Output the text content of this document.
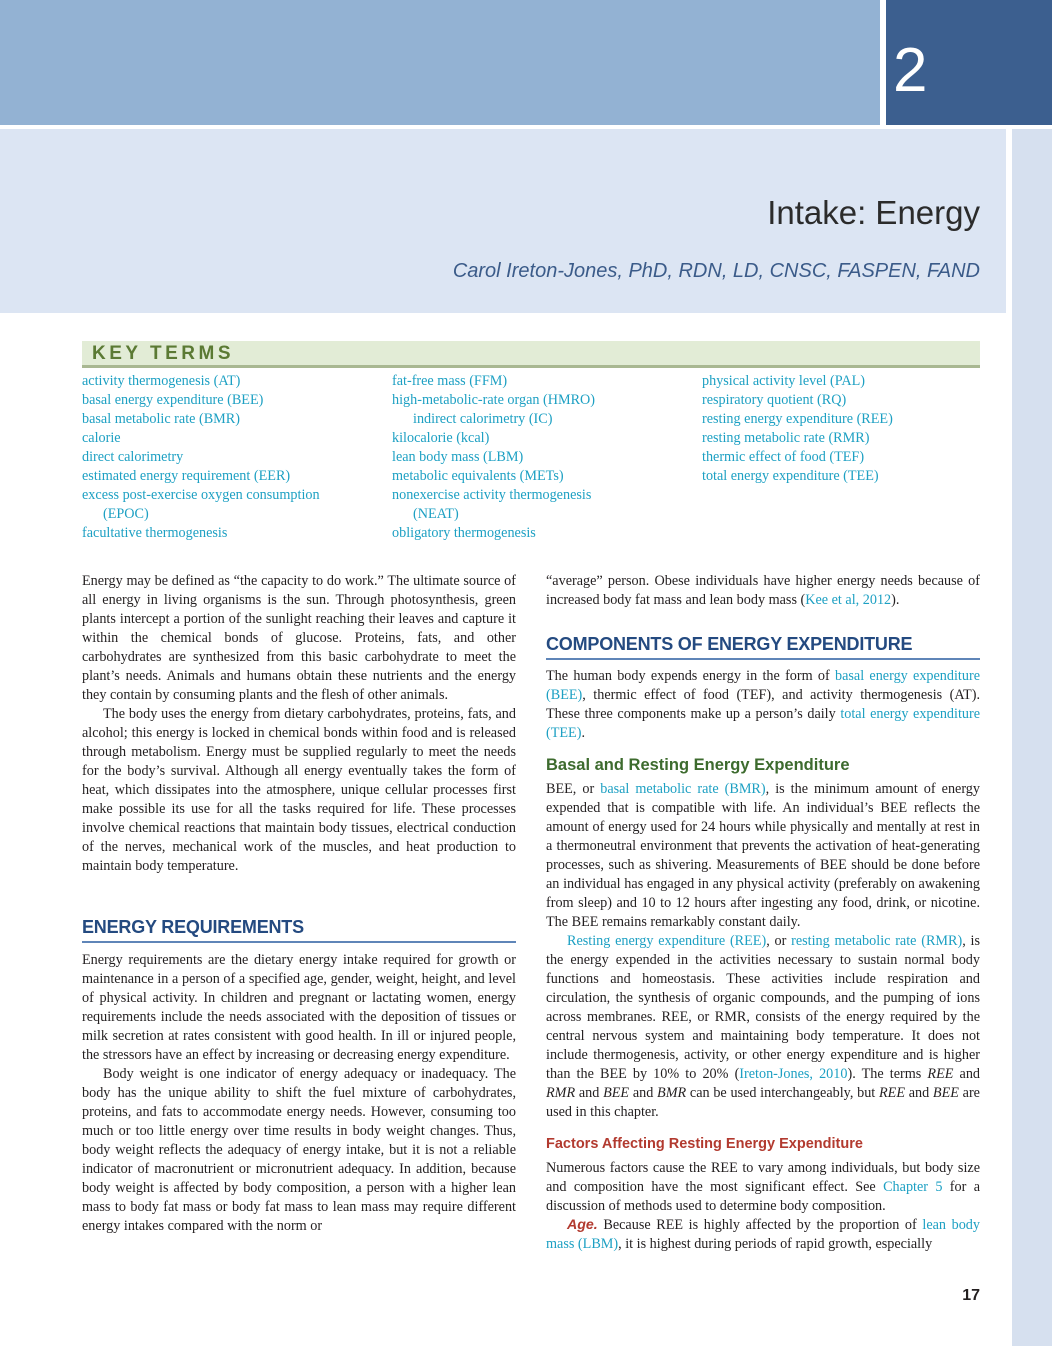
2
Intake: Energy
Carol Ireton-Jones, PhD, RDN, LD, CNSC, FASPEN, FAND
KEY TERMS
activity thermogenesis (AT)
basal energy expenditure (BEE)
basal metabolic rate (BMR)
calorie
direct calorimetry
estimated energy requirement (EER)
excess post-exercise oxygen consumption
(EPOC)
facultative thermogenesis
fat-free mass (FFM)
high-metabolic-rate organ (HMRO)
indirect calorimetry (IC)
kilocalorie (kcal)
lean body mass (LBM)
metabolic equivalents (METs)
nonexercise activity thermogenesis
(NEAT)
obligatory thermogenesis
physical activity level (PAL)
respiratory quotient (RQ)
resting energy expenditure (REE)
resting metabolic rate (RMR)
thermic effect of food (TEF)
total energy expenditure (TEE)

Energy may be defined as “the capacity to do work.” The ultimate source of all energy in living organisms is the sun. Through photosynthesis, green plants intercept a portion of the sunlight reaching their leaves and capture it within the chemical bonds of glucose. Proteins, fats, and other carbohydrates are synthesized from this basic carbohydrate to meet the plant’s needs. Animals and humans obtain these nutrients and the energy they contain by consuming plants and the flesh of other animals.

The body uses the energy from dietary carbohydrates, proteins, fats, and alcohol; this energy is locked in chemical bonds within food and is released through metabolism. Energy must be supplied regularly to meet the needs for the body’s survival. Although all energy eventually takes the form of heat, which dissipates into the atmosphere, unique cellular processes first make possible its use for all the tasks required for life. These processes involve chemical reactions that maintain body tissues, electrical conduction of the nerves, mechanical work of the muscles, and heat production to maintain body temperature.

ENERGY REQUIREMENTS

Energy requirements are the dietary energy intake required for growth or maintenance in a person of a specified age, gender, weight, height, and level of physical activity. In children and pregnant or lactating women, energy requirements include the needs associated with the deposition of tissues or milk secretion at rates consistent with good health. In ill or injured people, the stressors have an effect by increasing or decreasing energy expenditure.

Body weight is one indicator of energy adequacy or inadequacy. The body has the unique ability to shift the fuel mixture of carbohydrates, proteins, and fats to accommodate energy needs. However, consuming too much or too little energy over time results in body weight changes. Thus, body weight reflects the adequacy of energy intake, but it is not a reliable indicator of macronutrient or micronutrient adequacy. In addition, because body weight is affected by body composition, a person with a higher lean mass to body fat mass or body fat mass to lean mass may require different energy intakes compared with the norm or

“average” person. Obese individuals have higher energy needs because of increased body fat mass and lean body mass (Kee et al, 2012).

COMPONENTS OF ENERGY EXPENDITURE

The human body expends energy in the form of basal energy expenditure (BEE), thermic effect of food (TEF), and activity thermogenesis (AT). These three components make up a person’s daily total energy expenditure (TEE).

Basal and Resting Energy Expenditure

BEE, or basal metabolic rate (BMR), is the minimum amount of energy expended that is compatible with life. An individual’s BEE reflects the amount of energy used for 24 hours while physically and mentally at rest in a thermoneutral environment that prevents the activation of heat-generating processes, such as shivering. Measurements of BEE should be done before an individual has engaged in any physical activity (preferably on awakening from sleep) and 10 to 12 hours after ingesting any food, drink, or nicotine. The BEE remains remarkably constant daily.

Resting energy expenditure (REE), or resting metabolic rate (RMR), is the energy expended in the activities necessary to sustain normal body functions and homeostasis. These activities include respiration and circulation, the synthesis of organic compounds, and the pumping of ions across membranes. REE, or RMR, consists of the energy required by the central nervous system and maintaining body temperature. It does not include thermogenesis, activity, or other energy expenditure and is higher than the BEE by 10% to 20% (Ireton-Jones, 2010). The terms REE and RMR and BEE and BMR can be used interchangeably, but REE and BEE are used in this chapter.

Factors Affecting Resting Energy Expenditure

Numerous factors cause the REE to vary among individuals, but body size and composition have the most significant effect. See Chapter 5 for a discussion of methods used to determine body composition.

Age. Because REE is highly affected by the proportion of lean body mass (LBM), it is highest during periods of rapid growth, especially

17
